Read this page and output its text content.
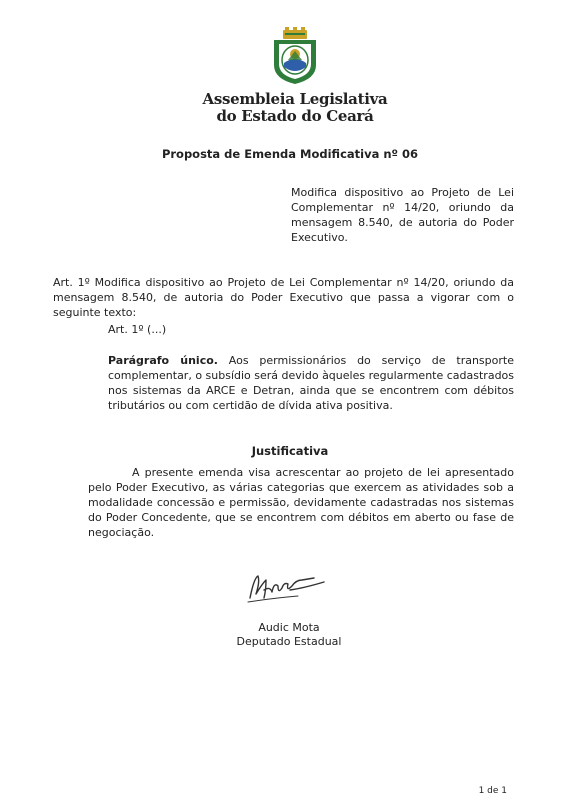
Assembleia Legislativa
do Estado do Ceará
Proposta de Emenda Modificativa nº 06
Modifica dispositivo ao Projeto de Lei Complementar nº 14/20, oriundo da mensagem 8.540, de autoria do Poder Executivo.
Art. 1º Modifica dispositivo ao Projeto de Lei Complementar nº 14/20, oriundo da mensagem 8.540, de autoria do Poder Executivo que passa a vigorar com o seguinte texto:
Art. 1º (...)
Parágrafo único. Aos permissionários do serviço de transporte complementar, o subsídio será devido àqueles regularmente cadastrados nos sistemas da ARCE e Detran, ainda que se encontrem com débitos tributários ou com certidão de dívida ativa positiva.
Justificativa
A presente emenda visa acrescentar ao projeto de lei apresentado pelo Poder Executivo, as várias categorias que exercem as atividades sob a modalidade concessão e permissão, devidamente cadastradas nos sistemas do Poder Concedente, que se encontrem com débitos em aberto ou fase de negociação.
Audic Mota
Deputado Estadual
1 de 1
